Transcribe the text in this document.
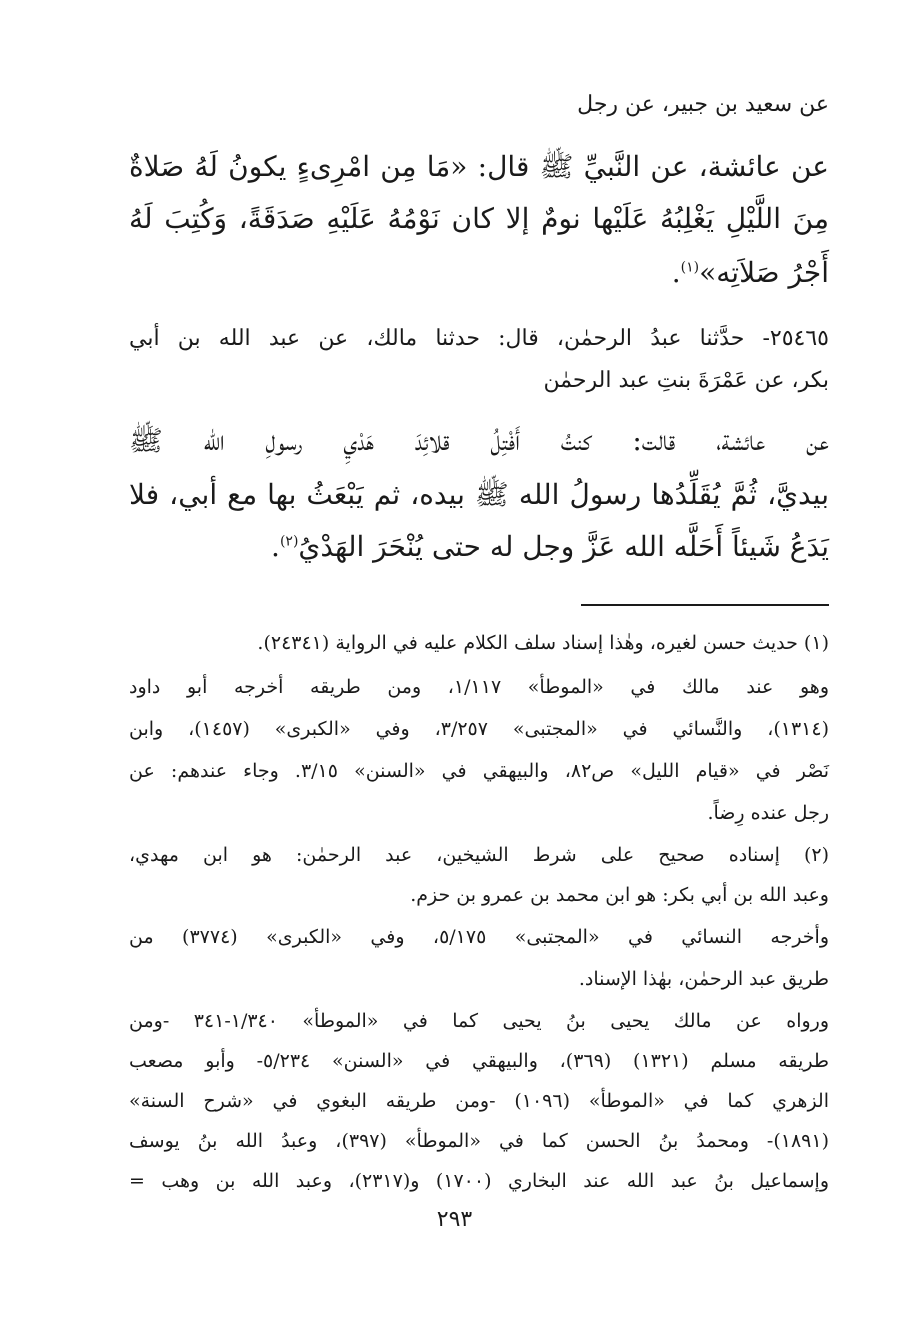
عن سعيد بن جبير، عن رجل
عن عائشة، عن النَّبيِّ ﷺ قال: «مَا مِن امْرِىءٍ يكونُ لَهُ صَلاةٌ
مِنَ اللَّيْلِ يَغْلِبُهُ عَلَيْها نومٌ إلا كان نَوْمُهُ عَلَيْهِ صَدَقَةً، وَكُتِبَ لَهُ
أَجْرُ صَلاَتِه»$^{(١)}$.
٢٥٤٦٥- حدَّثنا عبدُ الرحمٰن، قال: حدثنا مالك، عن عبد الله بن أبي
بكر، عن عَمْرَةَ بنتِ عبد الرحمٰن
عن عائشة، قالت: كنتُ أَفْتِلُ قلائِدَ هَدْيِ رسولِ الله ﷺ
بيديَّ، ثُمَّ يُقَلِّدُها رسولُ الله ﷺ بيده، ثم يَبْعَثُ بها مع أبي، فلا
يَدَعُ شَيئاً أَحَلَّه الله عَزَّ وجل له حتى يُنْحَرَ الهَدْيُ$^{(٢)}$.
(١) حديث حسن لغيره، وهٰذا إسناد سلف الكلام عليه في الرواية (٢٤٣٤١).
وهو عند مالك في «الموطأ» ١/١١٧، ومن طريقه أخرجه أبو داود
(١٣١٤)، والنَّسائي في «المجتبى» ٣/٢٥٧، وفي «الكبرى» (١٤٥٧)، وابن
نَصْر في «قيام الليل» ص٨٢، والبيهقي في «السنن» ٣/١٥. وجاء عندهم: عن
رجل عنده رِضاً.
(٢) إسناده صحيح على شرط الشيخين، عبد الرحمٰن: هو ابن مهدي،
وعبد الله بن أبي بكر: هو ابن محمد بن عمرو بن حزم.
وأخرجه النسائي في «المجتبى» ٥/١٧٥، وفي «الكبرى» (٣٧٧٤) من
طريق عبد الرحمٰن، بهٰذا الإسناد.
ورواه عن مالك يحيى بنُ يحيى كما في «الموطأ» ١/٣٤٠-٣٤١ -ومن
طريقه مسلم (١٣٢١) (٣٦٩)، والبيهقي في «السنن» ٥/٢٣٤- وأبو مصعب
الزهري كما في «الموطأ» (١٠٩٦) -ومن طريقه البغوي في «شرح السنة»
(١٨٩١)- ومحمدُ بنُ الحسن كما في «الموطأ» (٣٩٧)، وعبدُ الله بنُ يوسف
وإسماعيل بنُ عبد الله عند البخاري (١٧٠٠) و(٢٣١٧)، وعبد الله بن وهب =
٢٩٣
